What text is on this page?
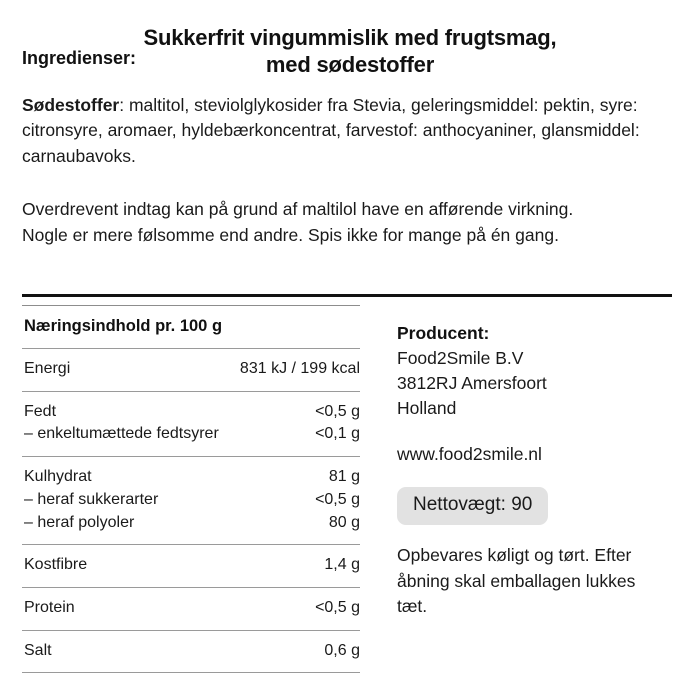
Sukkerfrit vingummislik med frugtsmag,
med sødestoffer
Ingredienser:

Sødestoffer: maltitol, steviolglykosider fra Stevia, geleringsmiddel: pektin, syre: citronsyre, aromaer, hyldebærkoncentrat, farvestof: anthocyaniner, glansmiddel: carnaubavoks.

Overdrevent indtag kan på grund af maltilol have en afførende virkning. Nogle er mere følsomme end andre. Spis ikke for mange på én gang.

Næringsindhold pr. 100 g
Energi	831 kJ / 199 kcal
Fedt	<0,5 g
– enkeltumættede fedtsyrer	<0,1 g
Kulhydrat	81 g
– heraf sukkerarter	<0,5 g
– heraf polyoler	80 g
Kostfibre	1,4 g
Protein	<0,5 g
Salt	0,6 g
Producent:
Food2Smile B.V
3812RJ Amersfoort
Holland
www.food2smile.nl
Nettovægt: 90
Opbevares køligt og tørt. Efter åbning skal emballagen lukkes tæt.
